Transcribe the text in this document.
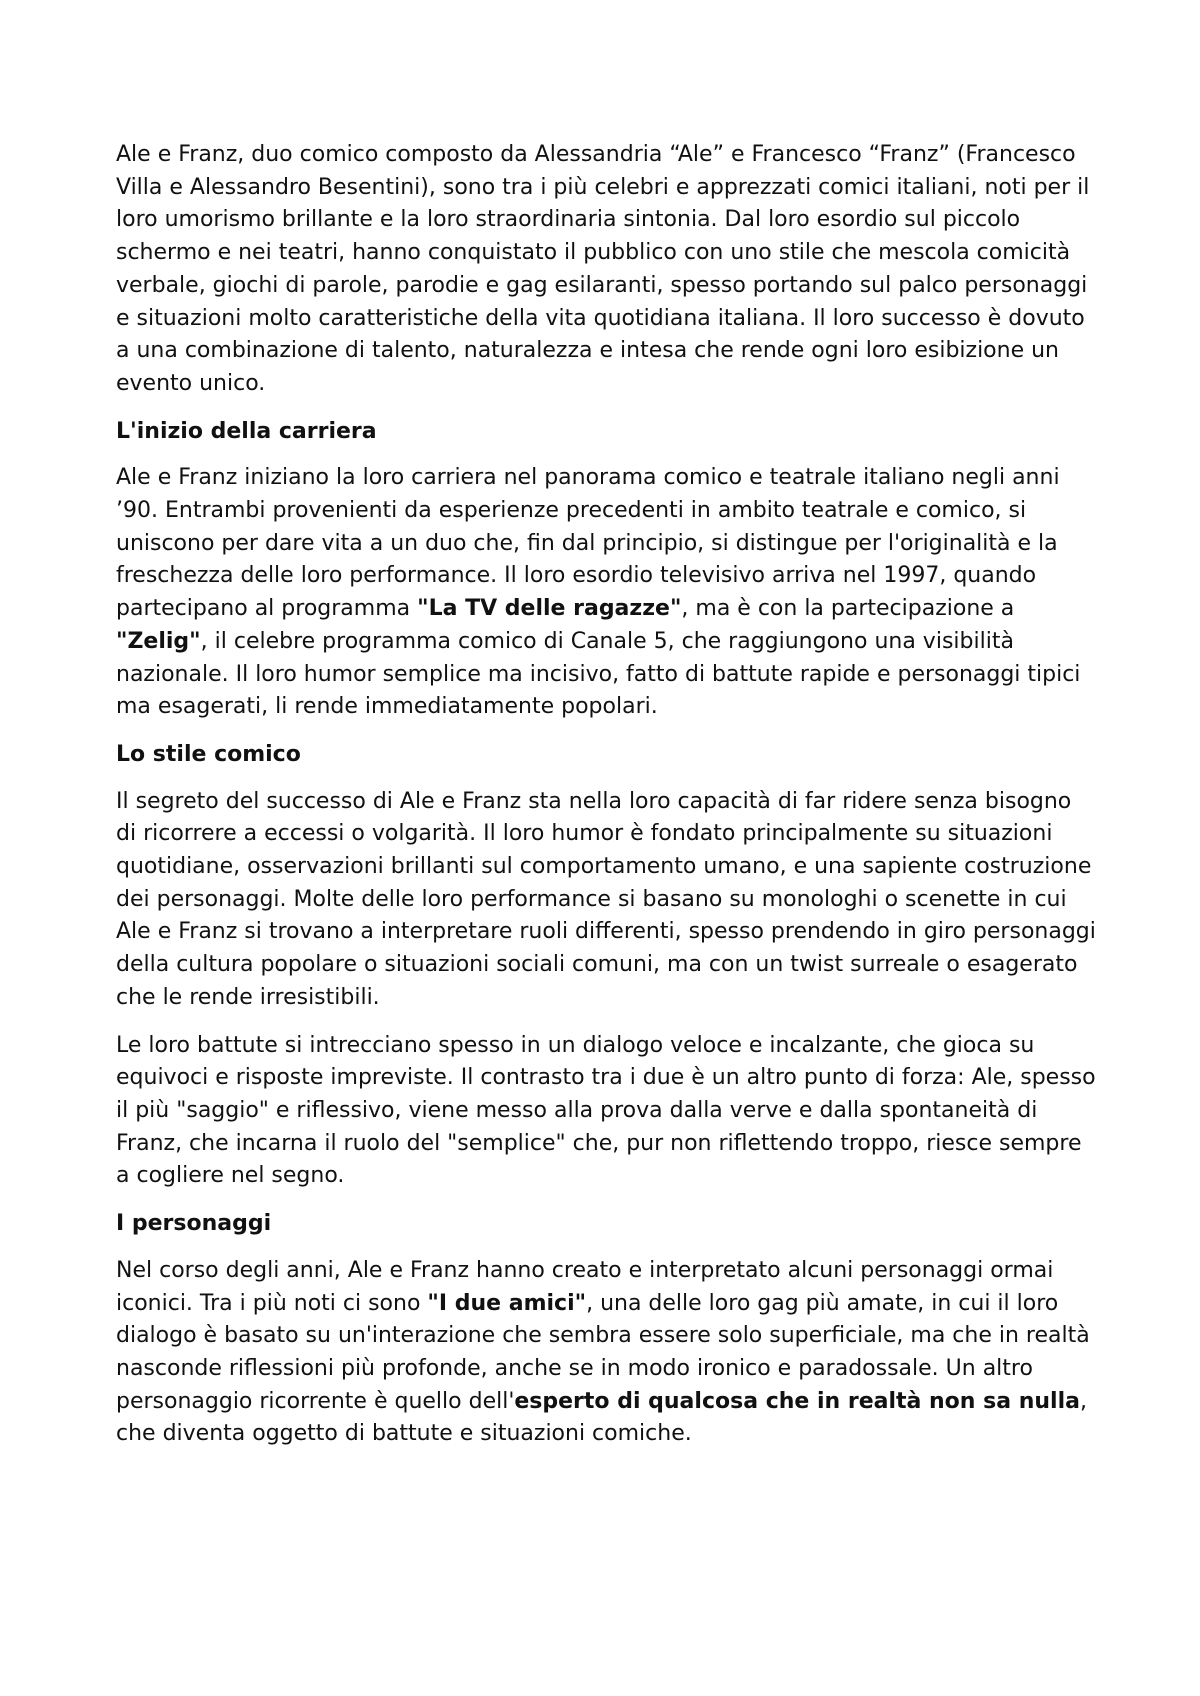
Ale e Franz, duo comico composto da Alessandria “Ale” e Francesco “Franz” (Francesco Villa e Alessandro Besentini), sono tra i più celebri e apprezzati comici italiani, noti per il loro umorismo brillante e la loro straordinaria sintonia. Dal loro esordio sul piccolo schermo e nei teatri, hanno conquistato il pubblico con uno stile che mescola comicità verbale, giochi di parole, parodie e gag esilaranti, spesso portando sul palco personaggi e situazioni molto caratteristiche della vita quotidiana italiana. Il loro successo è dovuto a una combinazione di talento, naturalezza e intesa che rende ogni loro esibizione un evento unico.

L'inizio della carriera

Ale e Franz iniziano la loro carriera nel panorama comico e teatrale italiano negli anni ’90. Entrambi provenienti da esperienze precedenti in ambito teatrale e comico, si uniscono per dare vita a un duo che, fin dal principio, si distingue per l'originalità e la freschezza delle loro performance. Il loro esordio televisivo arriva nel 1997, quando partecipano al programma "La TV delle ragazze", ma è con la partecipazione a "Zelig", il celebre programma comico di Canale 5, che raggiungono una visibilità nazionale. Il loro humor semplice ma incisivo, fatto di battute rapide e personaggi tipici ma esagerati, li rende immediatamente popolari.

Lo stile comico

Il segreto del successo di Ale e Franz sta nella loro capacità di far ridere senza bisogno di ricorrere a eccessi o volgarità. Il loro humor è fondato principalmente su situazioni quotidiane, osservazioni brillanti sul comportamento umano, e una sapiente costruzione dei personaggi. Molte delle loro performance si basano su monologhi o scenette in cui Ale e Franz si trovano a interpretare ruoli differenti, spesso prendendo in giro personaggi della cultura popolare o situazioni sociali comuni, ma con un twist surreale o esagerato che le rende irresistibili.

Le loro battute si intrecciano spesso in un dialogo veloce e incalzante, che gioca su equivoci e risposte impreviste. Il contrasto tra i due è un altro punto di forza: Ale, spesso il più "saggio" e riflessivo, viene messo alla prova dalla verve e dalla spontaneità di Franz, che incarna il ruolo del "semplice" che, pur non riflettendo troppo, riesce sempre a cogliere nel segno.

I personaggi

Nel corso degli anni, Ale e Franz hanno creato e interpretato alcuni personaggi ormai iconici. Tra i più noti ci sono "I due amici", una delle loro gag più amate, in cui il loro dialogo è basato su un'interazione che sembra essere solo superficiale, ma che in realtà nasconde riflessioni più profonde, anche se in modo ironico e paradossale. Un altro personaggio ricorrente è quello dell'esperto di qualcosa che in realtà non sa nulla, che diventa oggetto di battute e situazioni comiche.
